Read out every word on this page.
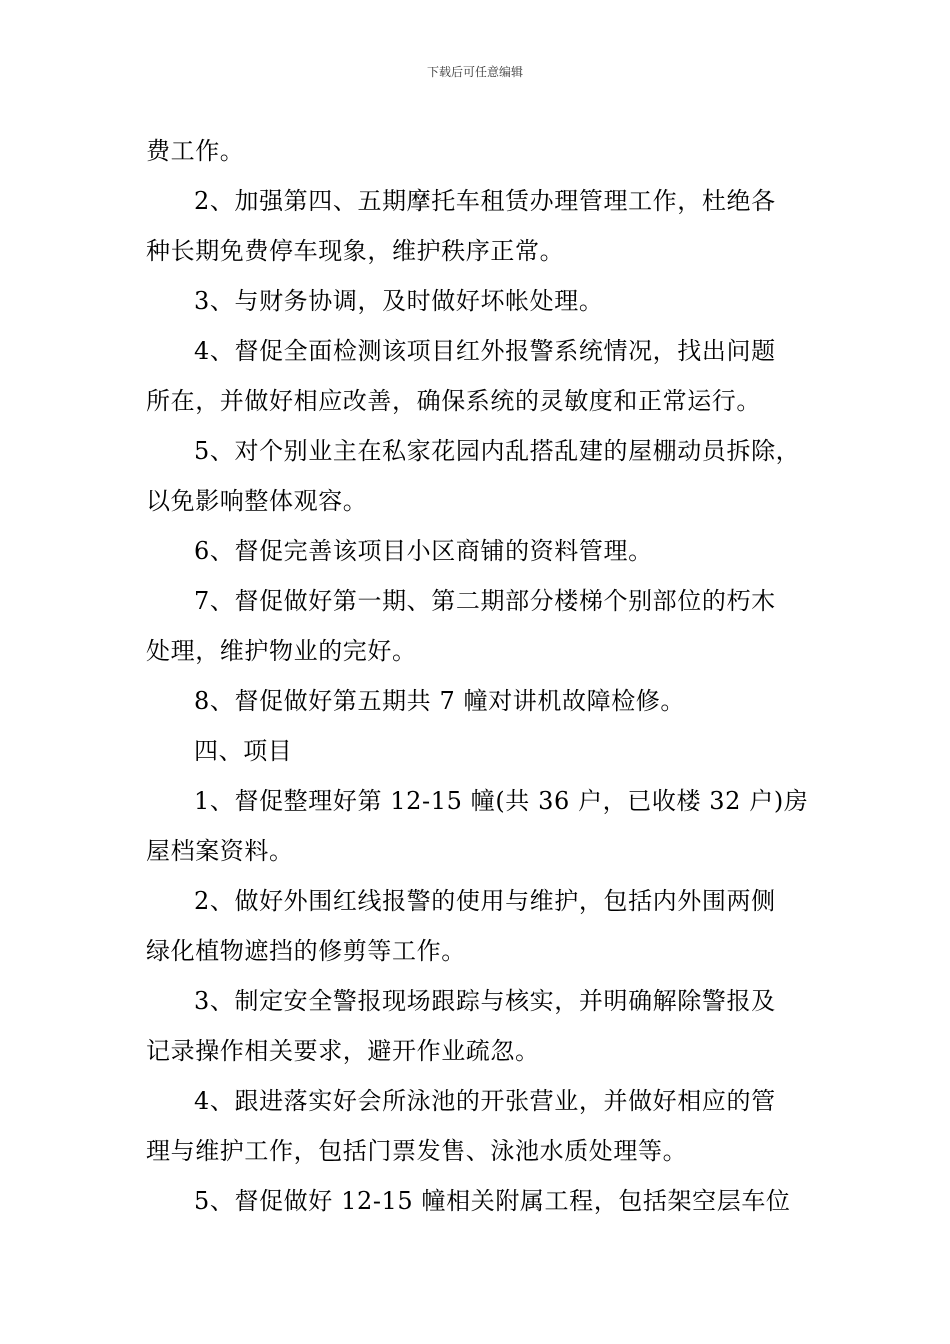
下载后可任意编辑
费工作。
2、加强第四、五期摩托车租赁办理管理工作，杜绝各
种长期免费停车现象，维护秩序正常。
3、与财务协调，及时做好坏帐处理。
4、督促全面检测该项目红外报警系统情况，找出问题
所在，并做好相应改善，确保系统的灵敏度和正常运行。
5、对个别业主在私家花园内乱搭乱建的屋棚动员拆除，
以免影响整体观容。
6、督促完善该项目小区商铺的资料管理。
7、督促做好第一期、第二期部分楼梯个别部位的朽木
处理，维护物业的完好。
8、督促做好第五期共 7 幢对讲机故障检修。
四、项目
1、督促整理好第 12-15 幢(共 36 户，已收楼 32 户)房
屋档案资料。
2、做好外围红线报警的使用与维护，包括内外围两侧
绿化植物遮挡的修剪等工作。
3、制定安全警报现场跟踪与核实，并明确解除警报及
记录操作相关要求，避开作业疏忽。
4、跟进落实好会所泳池的开张营业，并做好相应的管
理与维护工作，包括门票发售、泳池水质处理等。
5、督促做好 12-15 幢相关附属工程，包括架空层车位
